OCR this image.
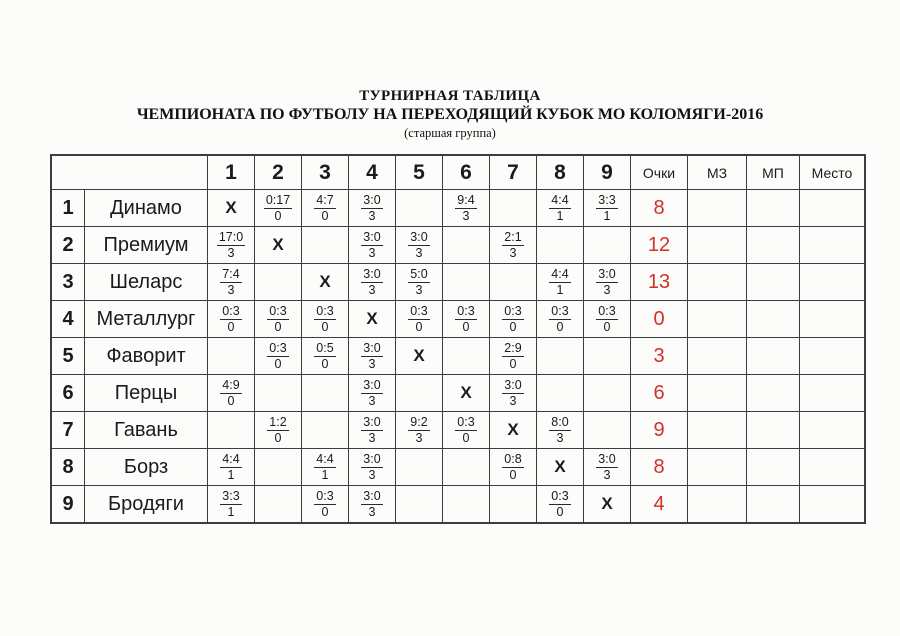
ТУРНИРНАЯ ТАБЛИЦА
ЧЕМПИОНАТА ПО ФУТБОЛУ НА ПЕРЕХОДЯЩИЙ КУБОК МО КОЛОМЯГИ-2016
(старшая группа)
		1	2	3	4	5	6	7	8	9	Очки	МЗ	МП	Место
1	Динамо	X	$\frac{0:17}{0}$	$\frac{4:7}{0}$	$\frac{3:0}{3}$		$\frac{9:4}{3}$		$\frac{4:4}{1}$	$\frac{3:3}{1}$	8			
2	Премиум	$\frac{17:0}{3}$	X		$\frac{3:0}{3}$	$\frac{3:0}{3}$		$\frac{2:1}{3}$			12			
3	Шеларс	$\frac{7:4}{3}$		X	$\frac{3:0}{3}$	$\frac{5:0}{3}$			$\frac{4:4}{1}$	$\frac{3:0}{3}$	13			
4	Металлург	$\frac{0:3}{0}$	$\frac{0:3}{0}$	$\frac{0:3}{0}$	X	$\frac{0:3}{0}$	$\frac{0:3}{0}$	$\frac{0:3}{0}$	$\frac{0:3}{0}$	$\frac{0:3}{0}$	0			
5	Фаворит		$\frac{0:3}{0}$	$\frac{0:5}{0}$	$\frac{3:0}{3}$	X		$\frac{2:9}{0}$			3			
6	Перцы	$\frac{4:9}{0}$			$\frac{3:0}{3}$		X	$\frac{3:0}{3}$			6			
7	Гавань		$\frac{1:2}{0}$		$\frac{3:0}{3}$	$\frac{9:2}{3}$	$\frac{0:3}{0}$	X	$\frac{8:0}{3}$		9			
8	Борз	$\frac{4:4}{1}$		$\frac{4:4}{1}$	$\frac{3:0}{3}$			$\frac{0:8}{0}$	X	$\frac{3:0}{3}$	8			
9	Бродяги	$\frac{3:3}{1}$		$\frac{0:3}{0}$	$\frac{3:0}{3}$				$\frac{0:3}{0}$	X	4			
